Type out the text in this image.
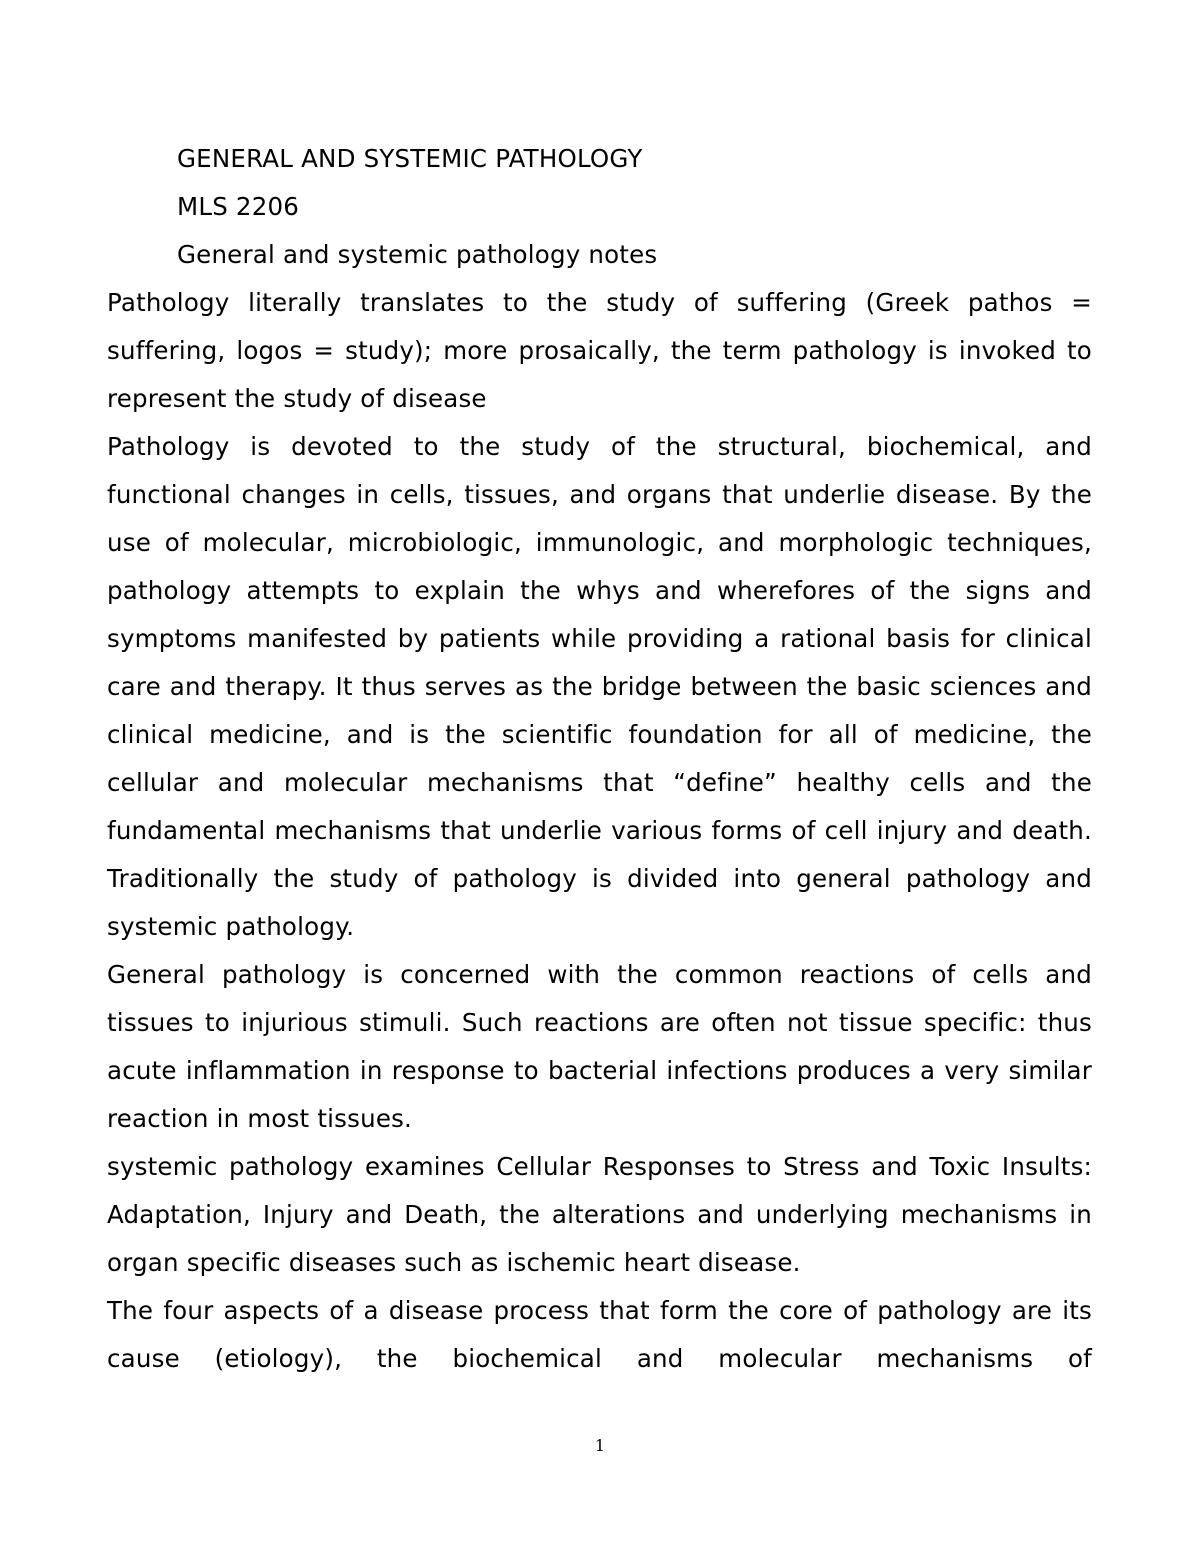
GENERAL AND SYSTEMIC PATHOLOGY

MLS 2206

General and systemic pathology notes

Pathology literally translates to the study of suffering (Greek pathos = suffering, logos = study); more prosaically, the term pathology is invoked to represent the study of disease

Pathology is devoted to the study of the structural, biochemical, and functional changes in cells, tissues, and organs that underlie disease. By the use of molecular, microbiologic, immunologic, and morphologic techniques, pathology attempts to explain the whys and wherefores of the signs and symptoms manifested by patients while providing a rational basis for clinical care and therapy. It thus serves as the bridge between the basic sciences and clinical medicine, and is the scientific foundation for all of medicine, the cellular and molecular mechanisms that “define” healthy cells and the fundamental mechanisms that underlie various forms of cell injury and death. Traditionally the study of pathology is divided into general pathology and systemic pathology.

General pathology is concerned with the common reactions of cells and tissues to injurious stimuli. Such reactions are often not tissue specific: thus acute inflammation in response to bacterial infections produces a very similar reaction in most tissues.

systemic pathology examines Cellular Responses to Stress and Toxic Insults: Adaptation, Injury and Death, the alterations and underlying mechanisms in organ specific diseases such as ischemic heart disease.

The four aspects of a disease process that form the core of pathology are its cause (etiology), the biochemical and molecular mechanisms of

1
